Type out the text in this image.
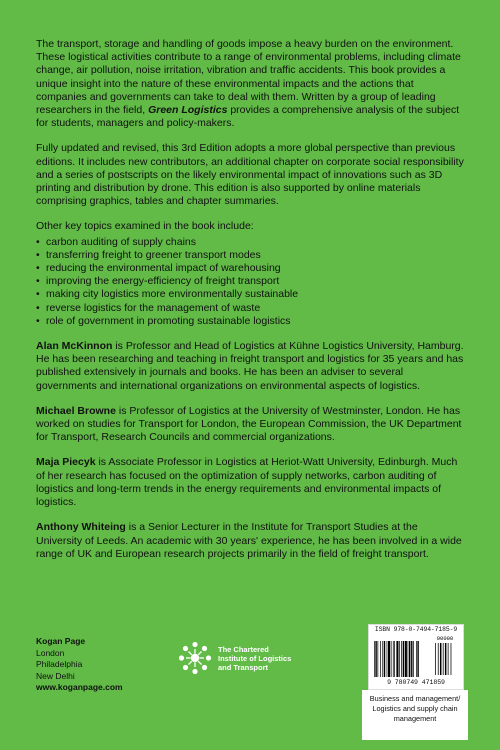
The transport, storage and handling of goods impose a heavy burden on the environment. These logistical activities contribute to a range of environmental problems, including climate change, air pollution, noise irritation, vibration and traffic accidents. This book provides a unique insight into the nature of these environmental impacts and the actions that companies and governments can take to deal with them. Written by a group of leading researchers in the field, Green Logistics provides a comprehensive analysis of the subject for students, managers and policy-makers.

Fully updated and revised, this 3rd Edition adopts a more global perspective than previous editions. It includes new contributors, an additional chapter on corporate social responsibility and a series of postscripts on the likely environmental impact of innovations such as 3D printing and distribution by drone. This edition is also supported by online materials comprising graphics, tables and chapter summaries.

Other key topics examined in the book include:

• carbon auditing of supply chains
• transferring freight to greener transport modes
• reducing the environmental impact of warehousing
• improving the energy-efficiency of freight transport
• making city logistics more environmentally sustainable
• reverse logistics for the management of waste
• role of government in promoting sustainable logistics

Alan McKinnon is Professor and Head of Logistics at Kühne Logistics University, Hamburg. He has been researching and teaching in freight transport and logistics for 35 years and has published extensively in journals and books. He has been an adviser to several governments and international organizations on environmental aspects of logistics.

Michael Browne is Professor of Logistics at the University of Westminster, London. He has worked on studies for Transport for London, the European Commission, the UK Department for Transport, Research Councils and commercial organizations.

Maja Piecyk is Associate Professor in Logistics at Heriot-Watt University, Edinburgh. Much of her research has focused on the optimization of supply networks, carbon auditing of logistics and long-term trends in the energy requirements and environmental impacts of logistics.

Anthony Whiteing is a Senior Lecturer in the Institute for Transport Studies at the University of Leeds. An academic with 30 years' experience, he has been involved in a wide range of UK and European research projects primarily in the field of freight transport.

Kogan Page
London
Philadelphia
New Delhi
www.koganpage.com
The Chartered
Institute of Logistics
and Transport
ISBN 978-0-7494-7185-9
90000
9 780749 471859
Business and management/
Logistics and supply chain
management
